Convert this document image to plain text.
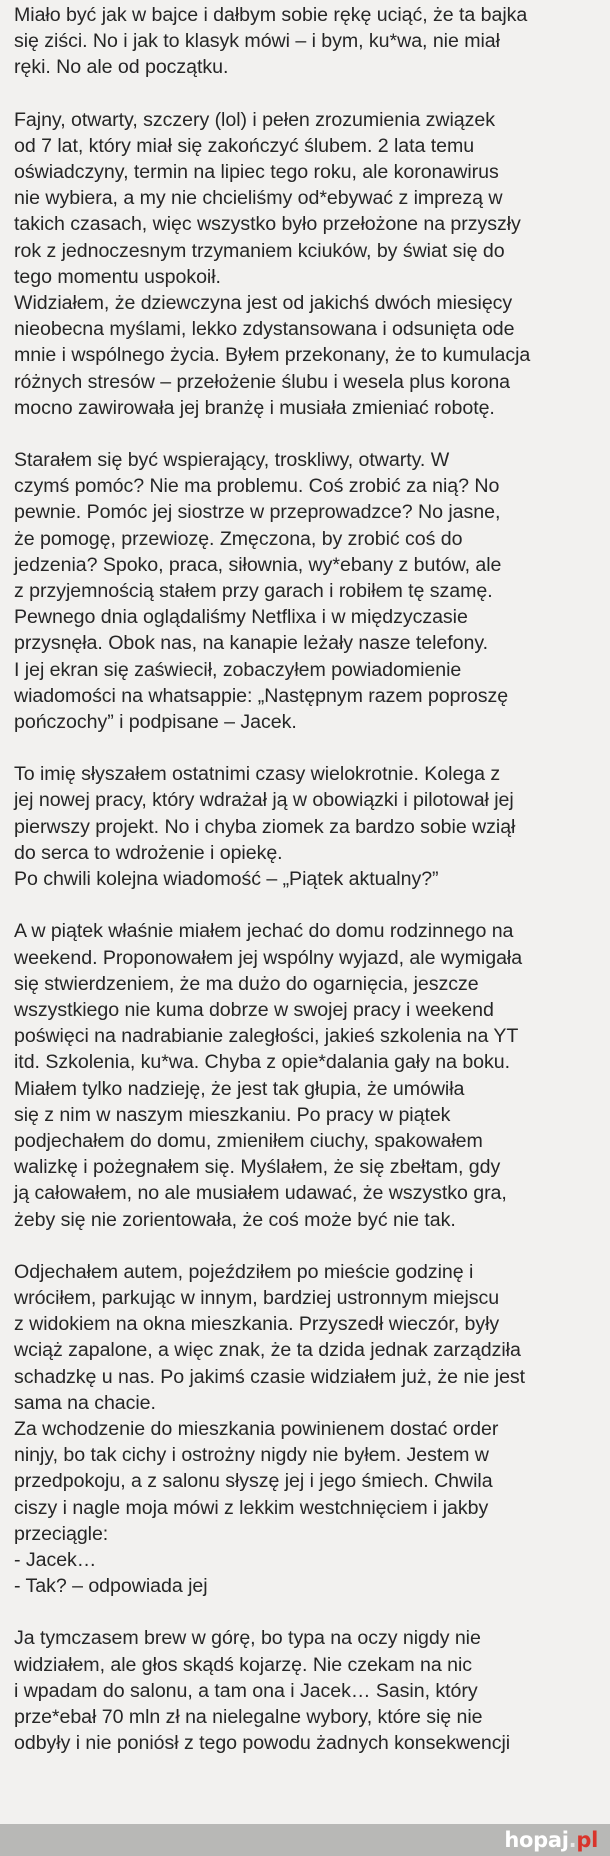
Miało być jak w bajce i dałbym sobie rękę uciąć, że ta bajka
się ziści. No i jak to klasyk mówi – i bym, ku*wa, nie miał
ręki. No ale od początku.
Fajny, otwarty, szczery (lol) i pełen zrozumienia związek
od 7 lat, który miał się zakończyć ślubem. 2 lata temu
oświadczyny, termin na lipiec tego roku, ale koronawirus
nie wybiera, a my nie chcieliśmy od*ebywać z imprezą w
takich czasach, więc wszystko było przełożone na przyszły
rok z jednoczesnym trzymaniem kciuków, by świat się do
tego momentu uspokoił.
Widziałem, że dziewczyna jest od jakichś dwóch miesięcy
nieobecna myślami, lekko zdystansowana i odsunięta ode
mnie i wspólnego życia. Byłem przekonany, że to kumulacja
różnych stresów – przełożenie ślubu i wesela plus korona
mocno zawirowała jej branżę i musiała zmieniać robotę.
Starałem się być wspierający, troskliwy, otwarty. W
czymś pomóc? Nie ma problemu. Coś zrobić za nią? No
pewnie. Pomóc jej siostrze w przeprowadzce? No jasne,
że pomogę, przewiozę. Zmęczona, by zrobić coś do
jedzenia? Spoko, praca, siłownia, wy*ebany z butów, ale
z przyjemnością stałem przy garach i robiłem tę szamę.
Pewnego dnia oglądaliśmy Netflixa i w międzyczasie
przysnęła. Obok nas, na kanapie leżały nasze telefony.
I jej ekran się zaświecił, zobaczyłem powiadomienie
wiadomości na whatsappie: „Następnym razem poproszę
pończochy” i podpisane – Jacek.
To imię słyszałem ostatnimi czasy wielokrotnie. Kolega z
jej nowej pracy, który wdrażał ją w obowiązki i pilotował jej
pierwszy projekt. No i chyba ziomek za bardzo sobie wziął
do serca to wdrożenie i opiekę.
Po chwili kolejna wiadomość – „Piątek aktualny?”
A w piątek właśnie miałem jechać do domu rodzinnego na
weekend. Proponowałem jej wspólny wyjazd, ale wymigała
się stwierdzeniem, że ma dużo do ogarnięcia, jeszcze
wszystkiego nie kuma dobrze w swojej pracy i weekend
poświęci na nadrabianie zaległości, jakieś szkolenia na YT
itd. Szkolenia, ku*wa. Chyba z opie*dalania gały na boku.
Miałem tylko nadzieję, że jest tak głupia, że umówiła
się z nim w naszym mieszkaniu. Po pracy w piątek
podjechałem do domu, zmieniłem ciuchy, spakowałem
walizkę i pożegnałem się. Myślałem, że się zbełtam, gdy
ją całowałem, no ale musiałem udawać, że wszystko gra,
żeby się nie zorientowała, że coś może być nie tak.
Odjechałem autem, pojeździłem po mieście godzinę i
wróciłem, parkując w innym, bardziej ustronnym miejscu
z widokiem na okna mieszkania. Przyszedł wieczór, były
wciąż zapalone, a więc znak, że ta dzida jednak zarządziła
schadzkę u nas. Po jakimś czasie widziałem już, że nie jest
sama na chacie.
Za wchodzenie do mieszkania powinienem dostać order
ninjy, bo tak cichy i ostrożny nigdy nie byłem. Jestem w
przedpokoju, a z salonu słyszę jej i jego śmiech. Chwila
ciszy i nagle moja mówi z lekkim westchnięciem i jakby
przeciągle:
- Jacek…
- Tak? – odpowiada jej
Ja tymczasem brew w górę, bo typa na oczy nigdy nie
widziałem, ale głos skądś kojarzę. Nie czekam na nic
i wpadam do salonu, a tam ona i Jacek… Sasin, który
prze*ebał 70 mln zł na nielegalne wybory, które się nie
odbyły i nie poniósł z tego powodu żadnych konsekwencji
hopaj.pl
